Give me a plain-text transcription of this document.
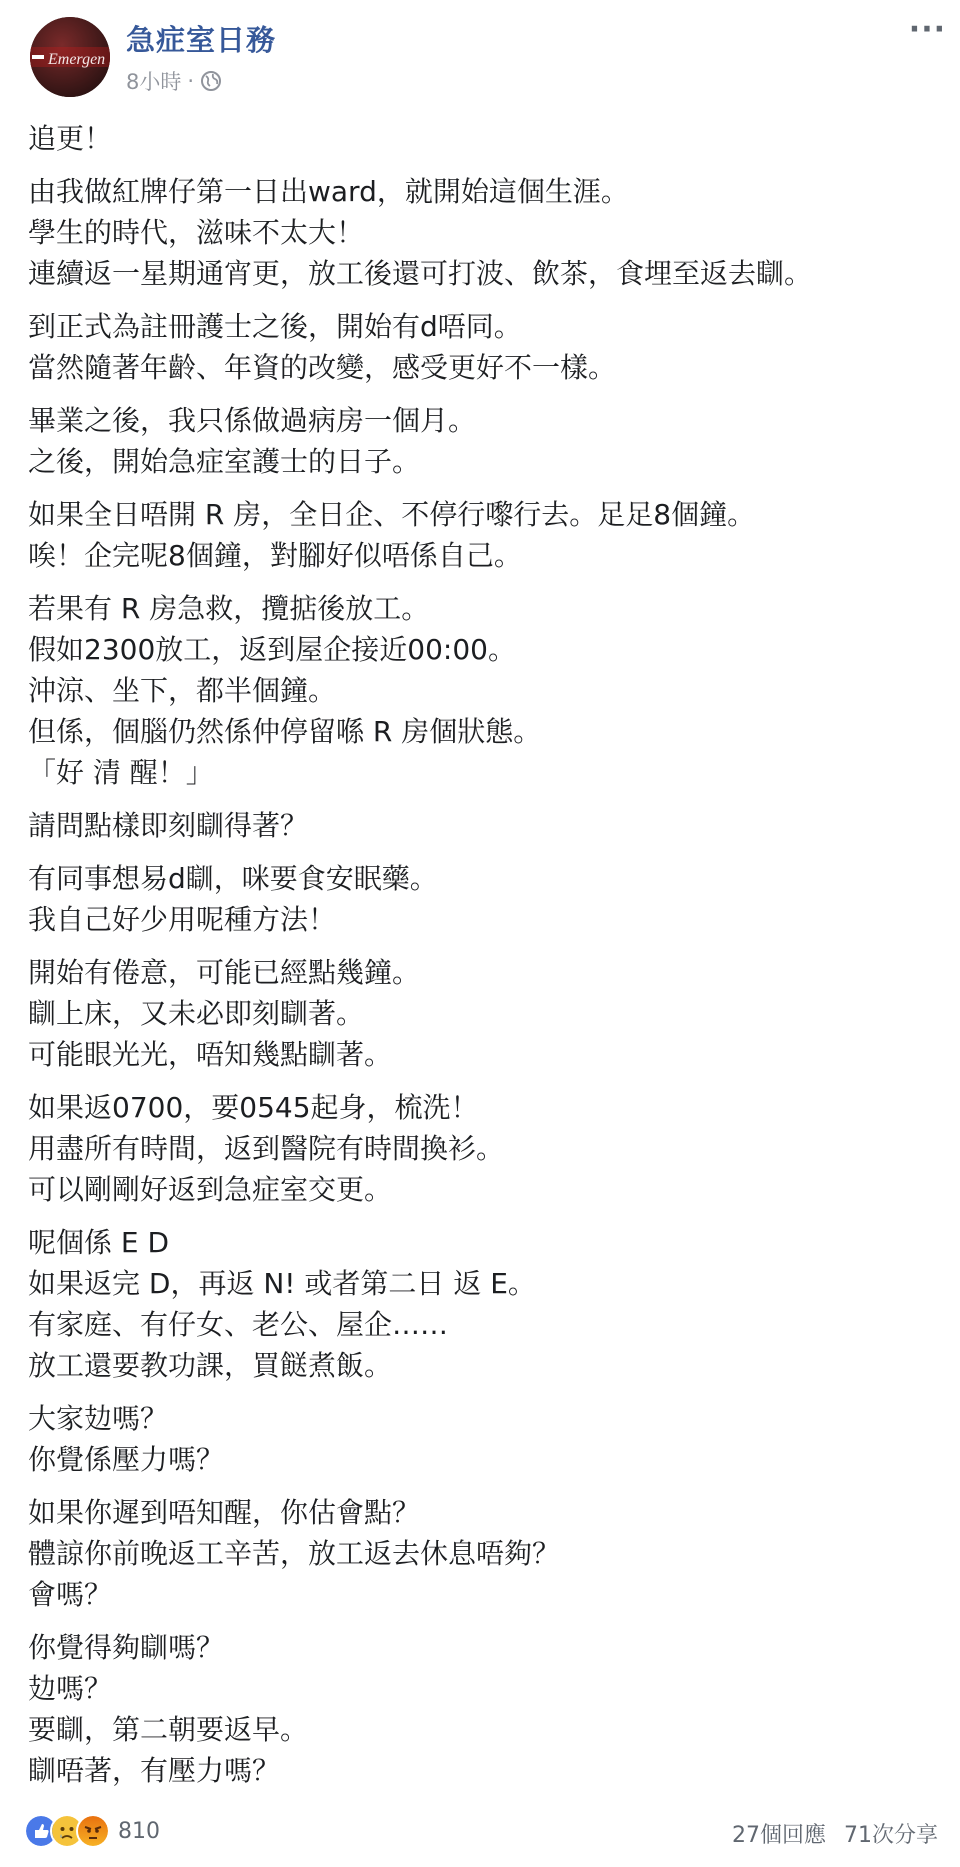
Emergen
急症室日務
8小時 ·
···
追更！
由我做紅牌仔第一日出ward，就開始這個生涯。
學生的時代，滋味不太大！
連續返一星期通宵更，放工後還可打波、飲茶，食埋至返去瞓。
到正式為註冊護士之後，開始有d唔同。
當然隨著年齡、年資的改變，感受更好不一樣。
畢業之後，我只係做過病房一個月。
之後，開始急症室護士的日子。
如果全日唔開 R 房，全日企、不停行嚟行去。足足8個鐘。
唉！企完呢8個鐘，對腳好似唔係自己。
若果有 R 房急救，攬掂後放工。
假如2300放工，返到屋企接近00:00。
沖涼、坐下，都半個鐘。
但係，個腦仍然係仲停留喺 R 房個狀態。
「好 清 醒！」
請問點樣即刻瞓得著？
有同事想易d瞓，咪要食安眠藥。
我自己好少用呢種方法！
開始有倦意，可能已經點幾鐘。
瞓上床，又未必即刻瞓著。
可能眼光光，唔知幾點瞓著。
如果返0700，要0545起身，梳洗！
用盡所有時間，返到醫院有時間換衫。
可以剛剛好返到急症室交更。
呢個係 E D
如果返完 D，再返 N! 或者第二日 返 E。
有家庭、有仔女、老公、屋企……
放工還要教功課，買餸煮飯。
大家攰嗎？
你覺係壓力嗎？
如果你遲到唔知醒，你估會點？
體諒你前晚返工辛苦，放工返去休息唔夠？
會嗎？
你覺得夠瞓嗎？
攰嗎？
要瞓，第二朝要返早。
瞓唔著，有壓力嗎？
810	27個回應 71次分享
